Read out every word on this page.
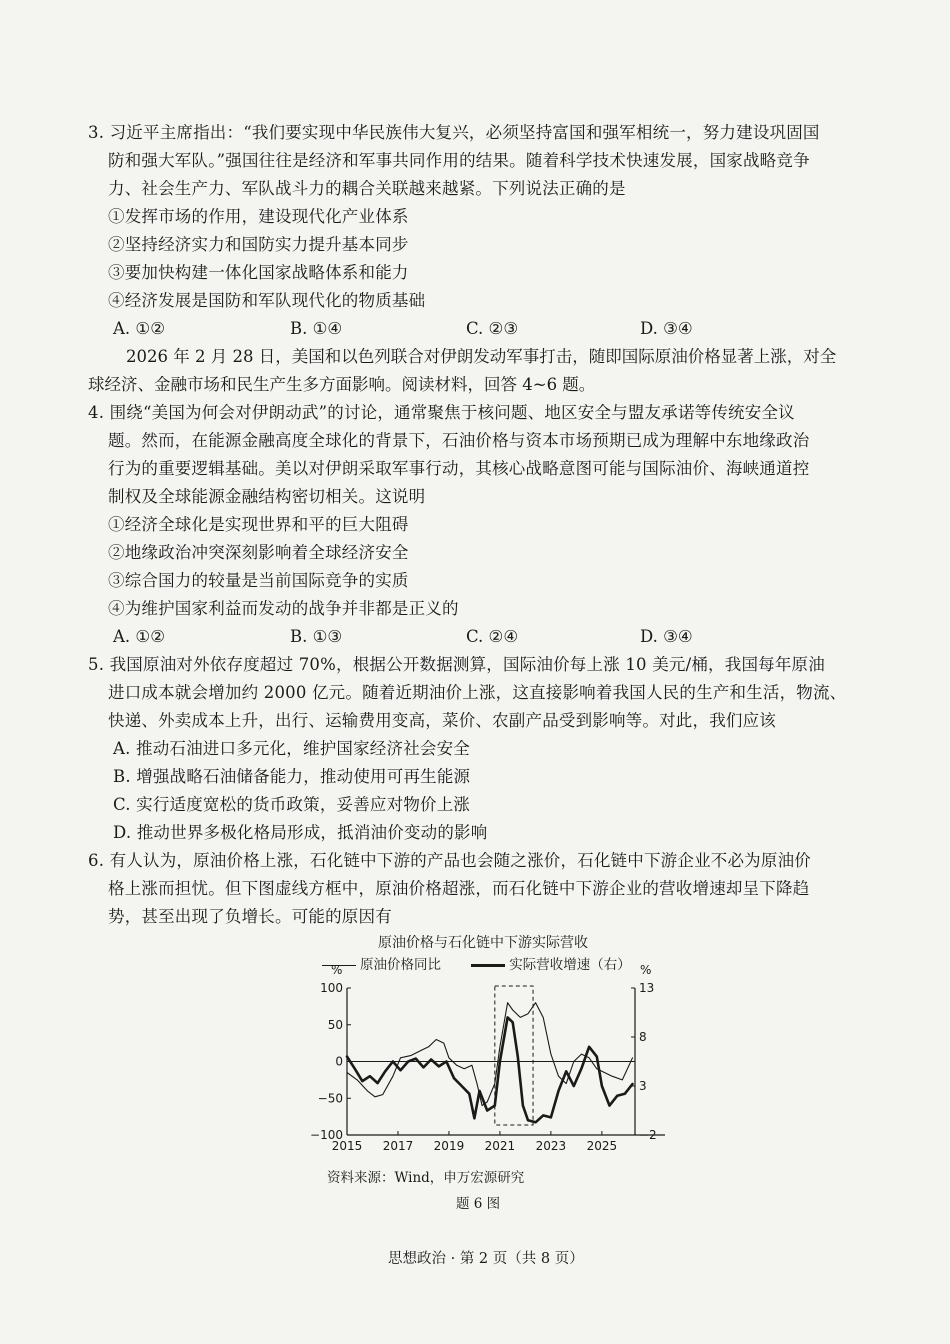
3. 习近平主席指出：“我们要实现中华民族伟大复兴，必须坚持富国和强军相统一，努力建设巩固国
防和强大军队。”强国往往是经济和军事共同作用的结果。随着科学技术快速发展，国家战略竞争
力、社会生产力、军队战斗力的耦合关联越来越紧。下列说法正确的是
①发挥市场的作用，建设现代化产业体系
②坚持经济实力和国防实力提升基本同步
③要加快构建一体化国家战略体系和能力
④经济发展是国防和军队现代化的物质基础
A. ①②	B. ①④	C. ②③	D. ③④
2026 年 2 月 28 日，美国和以色列联合对伊朗发动军事打击，随即国际原油价格显著上涨，对全
球经济、金融市场和民生产生多方面影响。阅读材料，回答 4~6 题。
4. 围绕“美国为何会对伊朗动武”的讨论，通常聚焦于核问题、地区安全与盟友承诺等传统安全议
题。然而，在能源金融高度全球化的背景下，石油价格与资本市场预期已成为理解中东地缘政治
行为的重要逻辑基础。美以对伊朗采取军事行动，其核心战略意图可能与国际油价、海峡通道控
制权及全球能源金融结构密切相关。这说明
①经济全球化是实现世界和平的巨大阻碍
②地缘政治冲突深刻影响着全球经济安全
③综合国力的较量是当前国际竞争的实质
④为维护国家利益而发动的战争并非都是正义的
A. ①②	B. ①③	C. ②④	D. ③④
5. 我国原油对外依存度超过 70%，根据公开数据测算，国际油价每上涨 10 美元/桶，我国每年原油
进口成本就会增加约 2000 亿元。随着近期油价上涨，这直接影响着我国人民的生产和生活，物流、
快递、外卖成本上升，出行、运输费用变高，菜价、农副产品受到影响等。对此，我们应该
A. 推动石油进口多元化，维护国家经济社会安全
B. 增强战略石油储备能力，推动使用可再生能源
C. 实行适度宽松的货币政策，妥善应对物价上涨
D. 推动世界多极化格局形成，抵消油价变动的影响
6. 有人认为，原油价格上涨，石化链中下游的产品也会随之涨价，石化链中下游企业不必为原油价
格上涨而担忧。但下图虚线方框中，原油价格超涨，而石化链中下游企业的营收增速却呈下降趋
势，甚至出现了负增长。可能的原因有
原油价格与石化链中下游实际营收
原油价格同比	实际营收增速（右）
%	%
100
50
0
−50
−100
13
8
3
−2
2015 2017 2019 2021 2023 2025
资料来源：Wind，申万宏源研究
题 6 图
思想政治 · 第 2 页（共 8 页）
